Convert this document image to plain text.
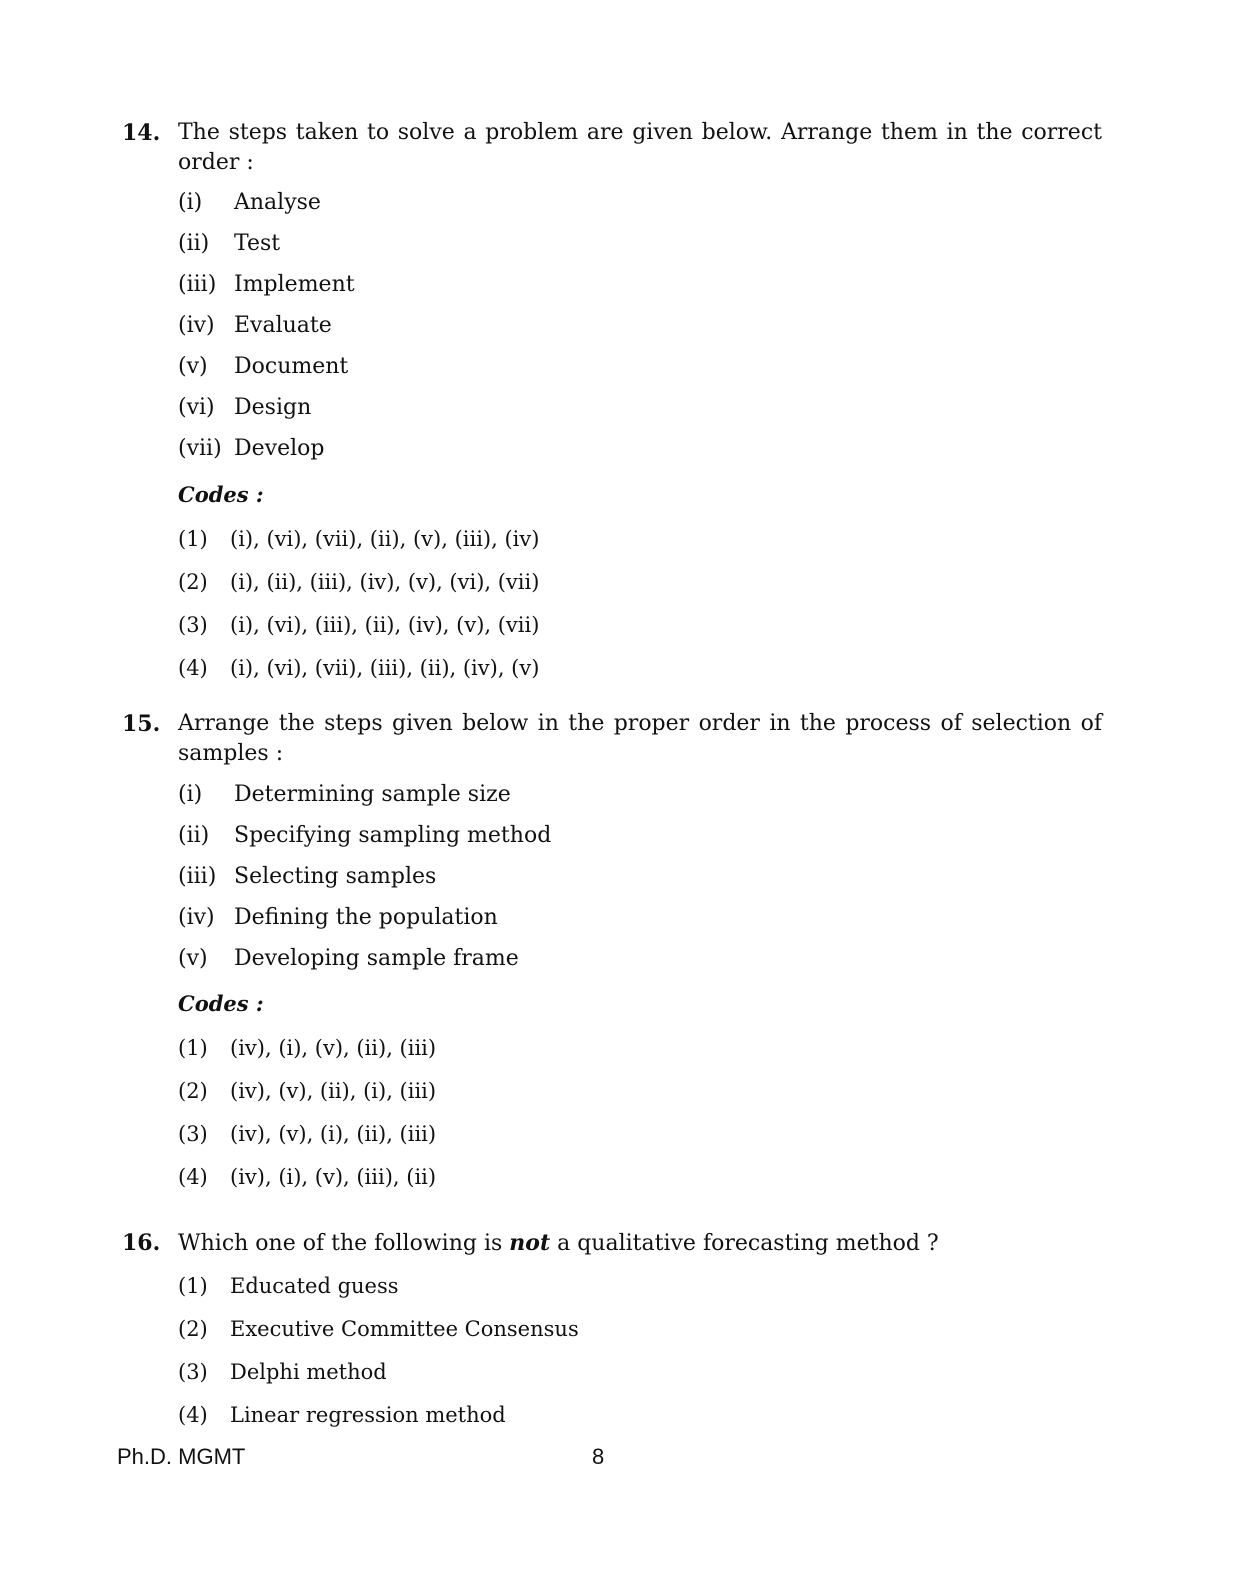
14. The steps taken to solve a problem are given below. Arrange them in the correct order :
(i)	Analyse
(ii)	Test
(iii) Implement
(iv) Evaluate
(v)	Document
(vi) Design
(vii) Develop
Codes :
(1)	(i), (vi), (vii), (ii), (v), (iii), (iv)
(2)	(i), (ii), (iii), (iv), (v), (vi), (vii)
(3)	(i), (vi), (iii), (ii), (iv), (v), (vii)
(4)	(i), (vi), (vii), (iii), (ii), (iv), (v)
15. Arrange the steps given below in the proper order in the process of selection of samples :
(i)	Determining sample size
(ii)	Specifying sampling method
(iii) Selecting samples
(iv) Defining the population
(v)	Developing sample frame
Codes :
(1)	(iv), (i), (v), (ii), (iii)
(2)	(iv), (v), (ii), (i), (iii)
(3)	(iv), (v), (i), (ii), (iii)
(4)	(iv), (i), (v), (iii), (ii)
16. Which one of the following is not a qualitative forecasting method ?
(1)	Educated guess
(2)	Executive Committee Consensus
(3)	Delphi method
(4)	Linear regression method
Ph.D. MGMT	8
